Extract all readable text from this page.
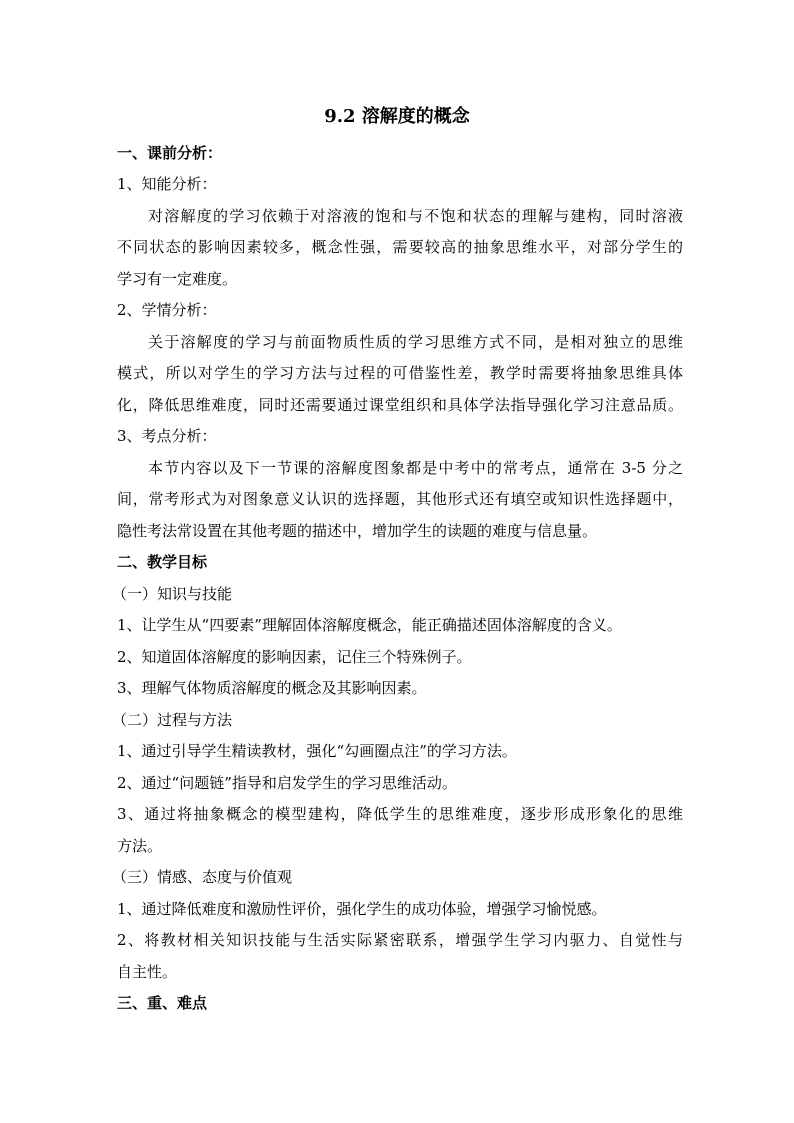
9.2 溶解度的概念
一、课前分析：
1、知能分析：
对溶解度的学习依赖于对溶液的饱和与不饱和状态的理解与建构，同时溶液
不同状态的影响因素较多，概念性强，需要较高的抽象思维水平，对部分学生的
学习有一定难度。
2、学情分析：
关于溶解度的学习与前面物质性质的学习思维方式不同，是相对独立的思维
模式，所以对学生的学习方法与过程的可借鉴性差，教学时需要将抽象思维具体
化，降低思维难度，同时还需要通过课堂组织和具体学法指导强化学习注意品质。
3、考点分析：
本节内容以及下一节课的溶解度图象都是中考中的常考点，通常在 3-5 分之
间，常考形式为对图象意义认识的选择题，其他形式还有填空或知识性选择题中，
隐性考法常设置在其他考题的描述中，增加学生的读题的难度与信息量。
二、教学目标
（一）知识与技能
1、让学生从“四要素”理解固体溶解度概念，能正确描述固体溶解度的含义。
2、知道固体溶解度的影响因素，记住三个特殊例子。
3、理解气体物质溶解度的概念及其影响因素。
（二）过程与方法
1、通过引导学生精读教材，强化“勾画圈点注”的学习方法。
2、通过“问题链”指导和启发学生的学习思维活动。
3、通过将抽象概念的模型建构，降低学生的思维难度，逐步形成形象化的思维
方法。
（三）情感、态度与价值观
1、通过降低难度和激励性评价，强化学生的成功体验，增强学习愉悦感。
2、将教材相关知识技能与生活实际紧密联系，增强学生学习内驱力、自觉性与
自主性。
三、重、难点
